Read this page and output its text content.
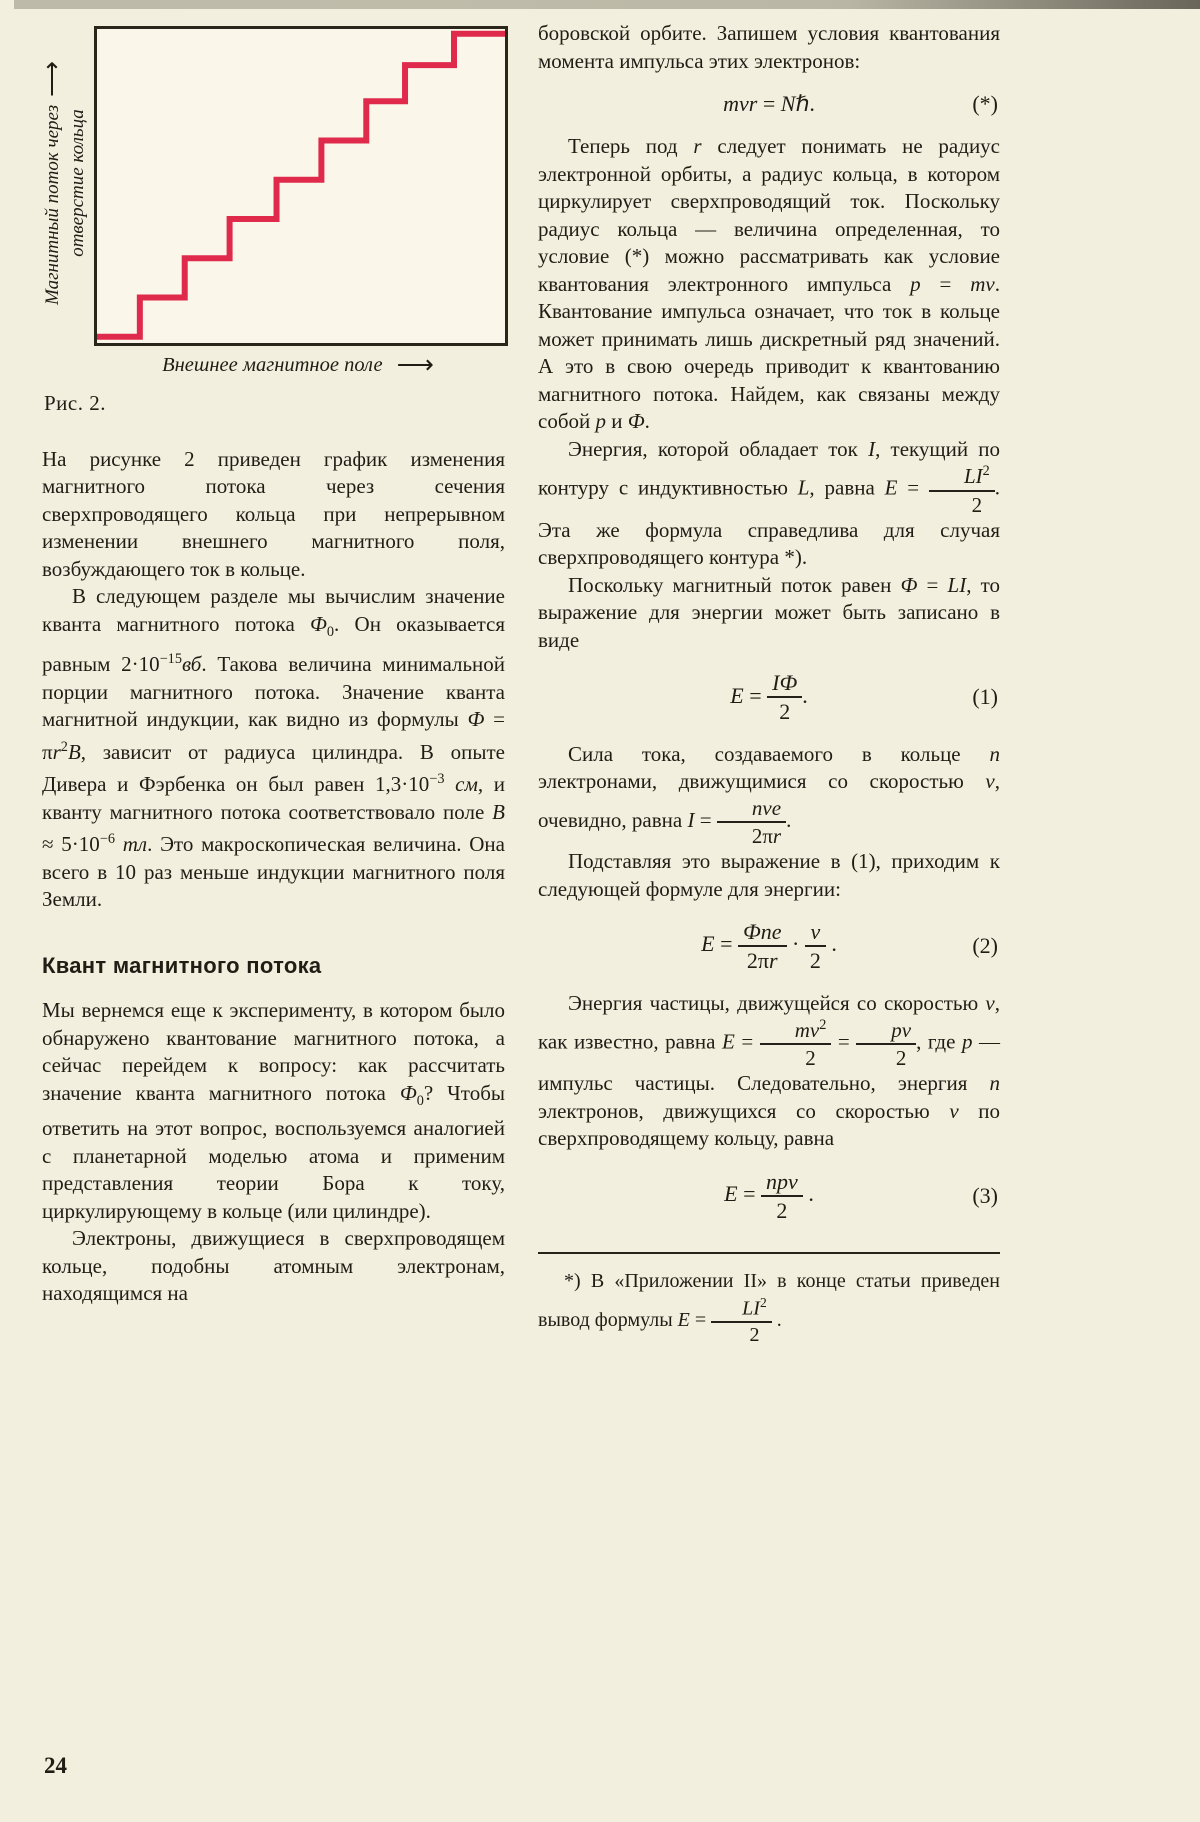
Магнитный поток через⟶
отверстие кольца
Внешнее магнитное поле ⟶
Рис. 2.

На рисунке 2 приведен график изменения магнитного потока через сечения сверхпроводящего кольца при непрерывном изменении внешнего магнитного поля, возбуждающего ток в кольце.

В следующем разделе мы вычислим значение кванта магнитного потока $Ф_0$. Он оказывается равным $2\cdot 10^{-15}вб$. Такова величина минимальной порции магнитного потока. Значение кванта магнитной индукции, как видно из формулы $Ф = \pi r^2B$, зависит от радиуса цилиндра. В опыте Дивера и Фэрбенка он был равен $1,3\cdot 10^{-3}$ см, и кванту магнитного потока соответствовало поле $B \approx 5\cdot 10^{-6}$ тл. Это макроскопическая величина. Она всего в 10 раз меньше индукции магнитного поля Земли.

Квант магнитного потока

Мы вернемся еще к эксперименту, в котором было обнаружено квантование магнитного потока, а сейчас перейдем к вопросу: как рассчитать значение кванта магнитного потока $Ф_0$? Чтобы ответить на этот вопрос, воспользуемся аналогией с планетарной моделью атома и применим представления теории Бора к току, циркулирующему в кольце (или цилиндре).

Электроны, движущиеся в сверхпроводящем кольце, подобны атомным электронам, находящимся на

боровской орбите. Запишем условия квантования момента импульса этих электронов:

mvr = Nℏ.	(*)

Теперь под r следует понимать не радиус электронной орбиты, а радиус кольца, в котором циркулирует сверхпроводящий ток. Поскольку радиус кольца — величина определенная, то условие (*) можно рассматривать как условие квантования электронного импульса p = mv. Квантование импульса означает, что ток в кольце может принимать лишь дискретный ряд значений. А это в свою очередь приводит к квантованию магнитного потока. Найдем, как связаны между собой p и Ф.

Энергия, которой обладает ток I, текущий по контуру с индуктивностью L, равна $E = \frac{LI^2}{2}$ . Эта же формула справедлива для случая сверхпроводящего контура *).

Поскольку магнитный поток равен Ф = LI, то выражение для энергии может быть записано в виде

$E = \frac{IФ}{2}$ .	(1)

Сила тока, создаваемого в кольце n электронами, движущимися со скоростью v, очевидно, равна $I = \frac{\text{nve}}{2\pi r}$ .

Подставляя это выражение в (1), приходим к следующей формуле для энергии:

$E = \frac{\text{Фne}}{2\pi r} \cdot \frac{v}{2}$ .	(2)

Энергия частицы, движущейся со скоростью v, как известно, равна $E = \frac{mv^2}{2} = \frac{pv}{2}$ , где p — импульс частицы. Следовательно, энергия n электронов, движущихся со скоростью v по сверхпроводящему кольцу, равна

$E = \frac{\text{npv}}{2}$ .	(3)

*) В «Приложении II» в конце статьи приведен вывод формулы $E = \frac{LI^2}{2}$ .

24
